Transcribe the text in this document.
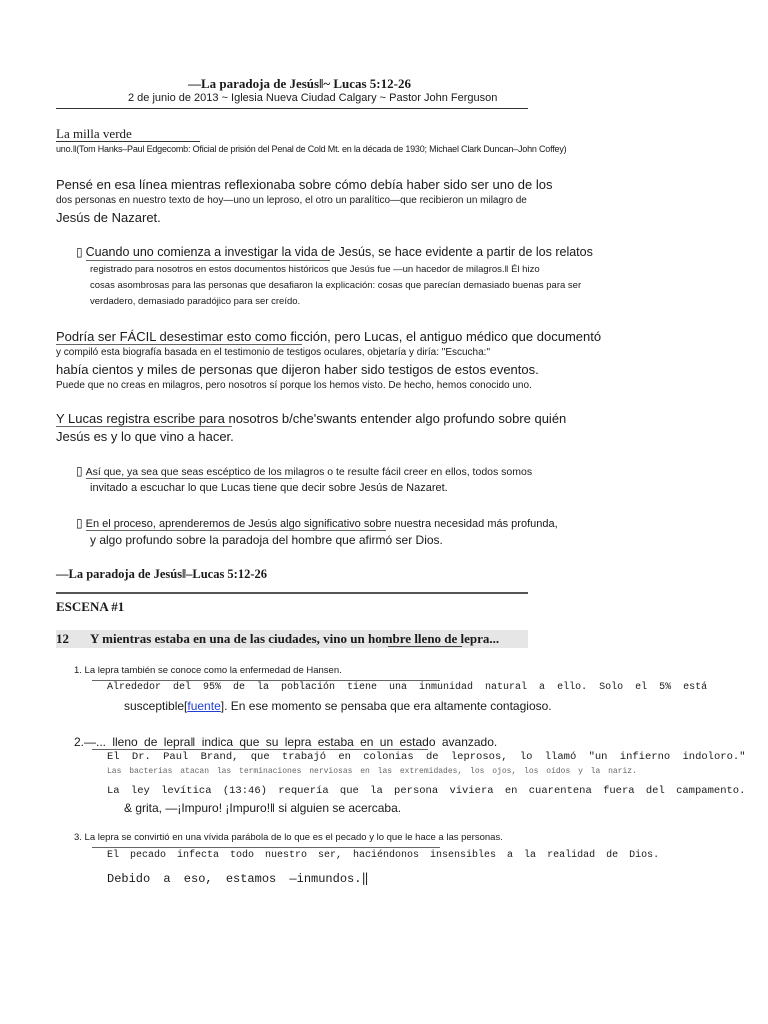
―La paradoja de Jesús‖~ Lucas 5:12-26
2 de junio de 2013 ~ Iglesia Nueva Ciudad Calgary ~ Pastor John Ferguson
La milla verde
uno.‖(Tom Hanks–Paul Edgecomb: Oficial de prisión del Penal de Cold Mt. en la década de 1930; Michael Clark Duncan–John Coffey)
Pensé en esa línea mientras reflexionaba sobre cómo debía haber sido ser uno de los
dos personas en nuestro texto de hoy—uno un leproso, el otro un paralítico—que recibieron un milagro de
Jesús de Nazaret.
▯ Cuando uno comienza a investigar la vida de Jesús, se hace evidente a partir de los relatos
registrado para nosotros en estos documentos históricos que Jesús fue ―un hacedor de milagros.‖ Él hizo
cosas asombrosas para las personas que desafiaron la explicación: cosas que parecían demasiado buenas para ser
verdadero, demasiado paradójico para ser creído.
Podría ser FÁCIL desestimar esto como ficción, pero Lucas, el antiguo médico que documentó
y compiló esta biografía basada en el testimonio de testigos oculares, objetaría y diría: "Escucha:"
había cientos y miles de personas que dijeron haber sido testigos de estos eventos.
Puede que no creas en milagros, pero nosotros sí porque los hemos visto. De hecho, hemos conocido uno.
Y Lucas registra escribe para nosotros b/che'swants entender algo profundo sobre quién
Jesús es y lo que vino a hacer.
▯ Así que, ya sea que seas escéptico de los milagros o te resulte fácil creer en ellos, todos somos
invitado a escuchar lo que Lucas tiene que decir sobre Jesús de Nazaret.
▯ En el proceso, aprenderemos de Jesús algo significativo sobre nuestra necesidad más profunda,
y algo profundo sobre la paradoja del hombre que afirmó ser Dios.
―La paradoja de Jesús‖–Lucas 5:12-26
ESCENA #1
12 Y mientras estaba en una de las ciudades, vino un hombre lleno de lepra...
1. La lepra también se conoce como la enfermedad de Hansen.
Alrededor del 95% de la población tiene una inmunidad natural a ello. Solo el 5% está
susceptible[fuente]. En ese momento se pensaba que era altamente contagioso.
2.―... lleno de lepra‖ indica que su lepra estaba en un estado avanzado.
El Dr. Paul Brand, que trabajó en colonias de leprosos, lo llamó "un infierno indoloro."
Las bacterias atacan las terminaciones nerviosas en las extremidades, los ojos, los oídos y la nariz.
La ley levítica (13:46) requería que la persona viviera en cuarentena fuera del campamento.
& grita, ―¡Impuro! ¡Impuro!‖ si alguien se acercaba.
3. La lepra se convirtió en una vívida parábola de lo que es el pecado y lo que le hace a las personas.
El pecado infecta todo nuestro ser, haciéndonos insensibles a la realidad de Dios.
Debido a eso, estamos ―inmundos.‖
